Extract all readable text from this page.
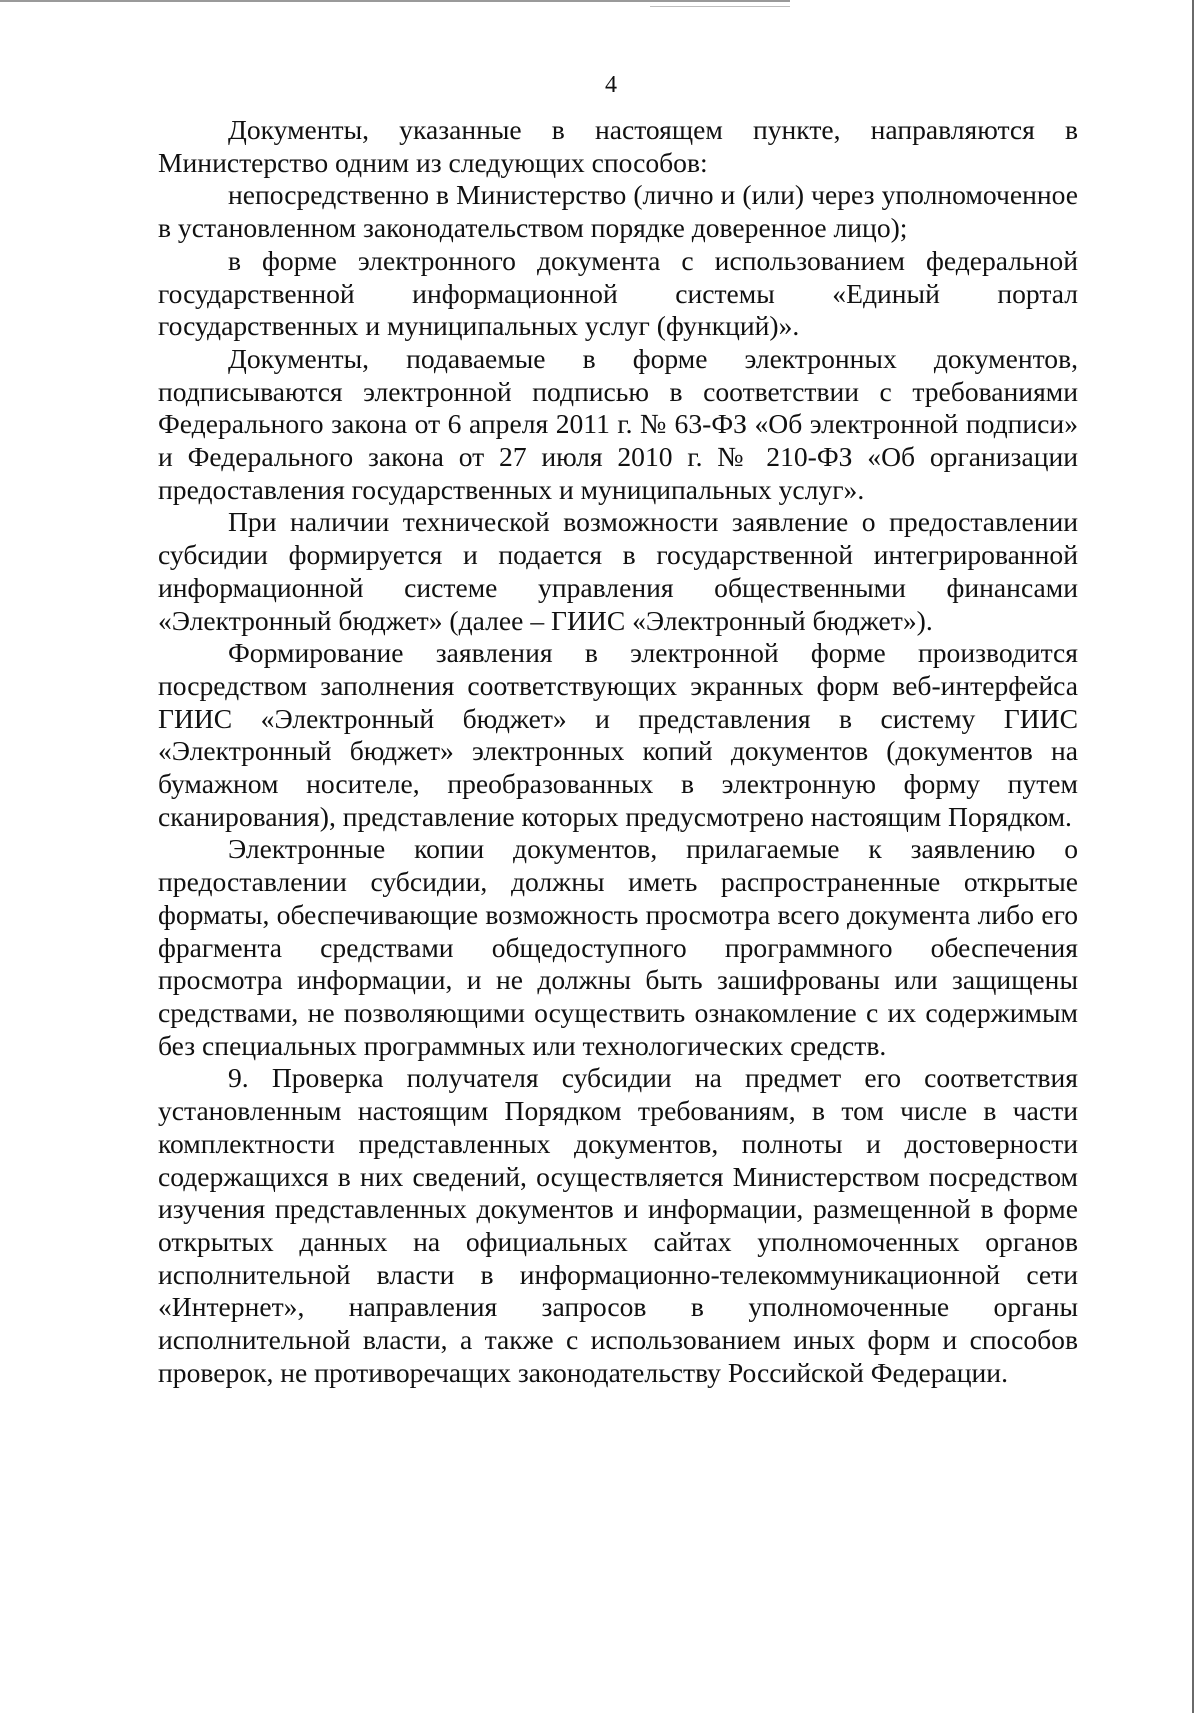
4

Документы, указанные в настоящем пункте, направляются в Министерство одним из следующих способов:

непосредственно в Министерство (лично и (или) через уполномоченное в установленном законодательством порядке доверенное лицо);

в форме электронного документа с использованием федеральной государственной информационной системы «Единый портал государственных и муниципальных услуг (функций)».

Документы, подаваемые в форме электронных документов, подписываются электронной подписью в соответствии с требованиями Федерального закона от 6 апреля 2011 г. № 63-ФЗ «Об электронной подписи» и Федерального закона от 27 июля 2010 г. № 210-ФЗ «Об организации предоставления государственных и муниципальных услуг».

При наличии технической возможности заявление о предоставлении субсидии формируется и подается в государственной интегрированной информационной системе управления общественными финансами «Электронный бюджет» (далее – ГИИС «Электронный бюджет»).

Формирование заявления в электронной форме производится посредством заполнения соответствующих экранных форм веб-интерфейса ГИИС «Электронный бюджет» и представления в систему ГИИС «Электронный бюджет» электронных копий документов (документов на бумажном носителе, преобразованных в электронную форму путем сканирования), представление которых предусмотрено настоящим Порядком.

Электронные копии документов, прилагаемые к заявлению о предоставлении субсидии, должны иметь распространенные открытые форматы, обеспечивающие возможность просмотра всего документа либо его фрагмента средствами общедоступного программного обеспечения просмотра информации, и не должны быть зашифрованы или защищены средствами, не позволяющими осуществить ознакомление с их содержимым без специальных программных или технологических средств.

9. Проверка получателя субсидии на предмет его соответствия установленным настоящим Порядком требованиям, в том числе в части комплектности представленных документов, полноты и достоверности содержащихся в них сведений, осуществляется Министерством посредством изучения представленных документов и информации, размещенной в форме открытых данных на официальных сайтах уполномоченных органов исполнительной власти в информационно-телекоммуникационной сети «Интернет», направления запросов в уполномоченные органы исполнительной власти, а также с использованием иных форм и способов проверок, не противоречащих законодательству Российской Федерации.
